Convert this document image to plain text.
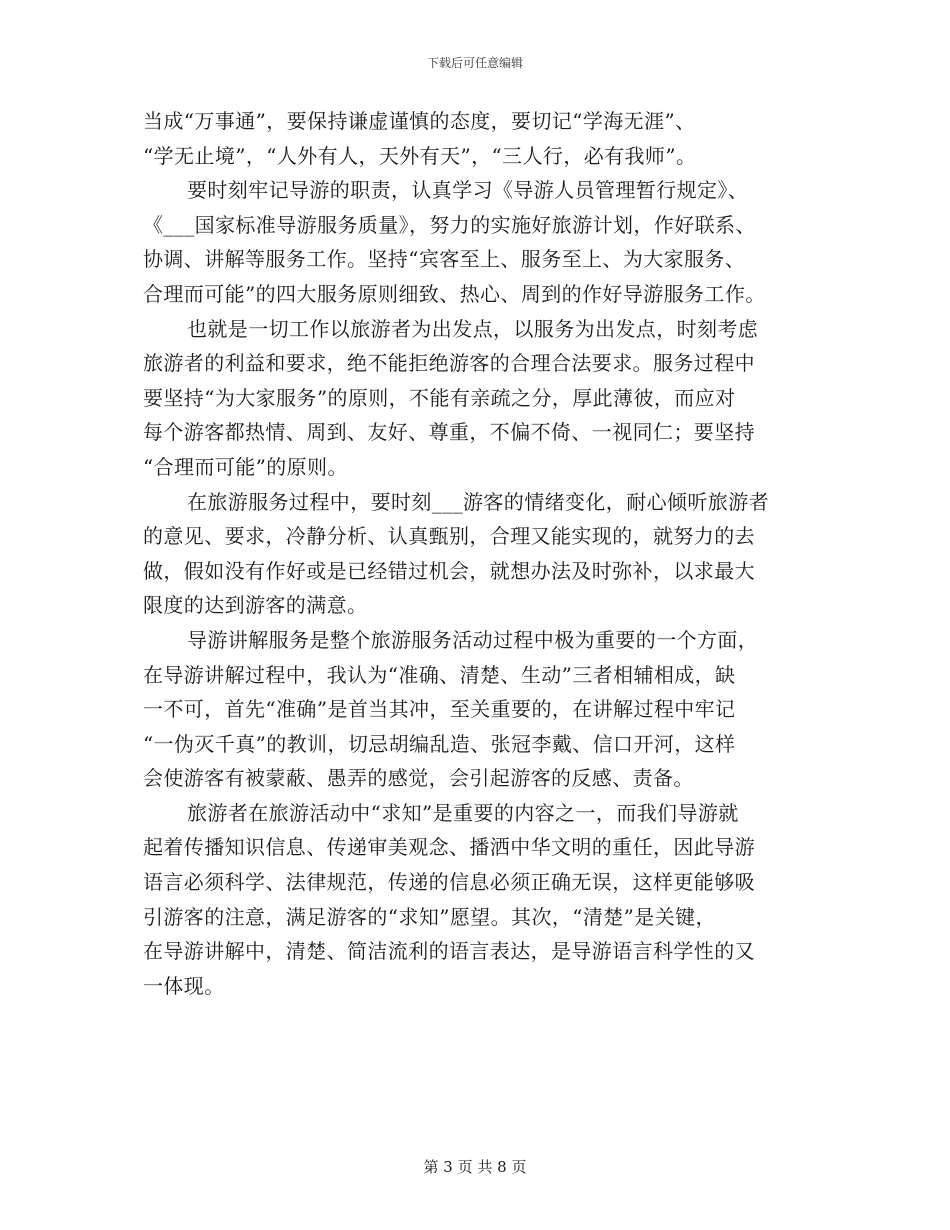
下载后可任意编辑
当成“万事通”，要保持谦虚谨慎的态度，要切记“学海无涯”、
“学无止境”，“人外有人，天外有天”，“三人行，必有我师”。
要时刻牢记导游的职责，认真学习《导游人员管理暂行规定》、
《___国家标准导游服务质量》，努力的实施好旅游计划，作好联系、
协调、讲解等服务工作。坚持“宾客至上、服务至上、为大家服务、
合理而可能”的四大服务原则细致、热心、周到的作好导游服务工作。
也就是一切工作以旅游者为出发点，以服务为出发点，时刻考虑
旅游者的利益和要求，绝不能拒绝游客的合理合法要求。服务过程中
要坚持“为大家服务”的原则，不能有亲疏之分，厚此薄彼，而应对
每个游客都热情、周到、友好、尊重，不偏不倚、一视同仁；要坚持
“合理而可能”的原则。
在旅游服务过程中，要时刻___游客的情绪变化，耐心倾听旅游者
的意见、要求，冷静分析、认真甄别，合理又能实现的，就努力的去
做，假如没有作好或是已经错过机会，就想办法及时弥补，以求最大
限度的达到游客的满意。
导游讲解服务是整个旅游服务活动过程中极为重要的一个方面，
在导游讲解过程中，我认为“准确、清楚、生动”三者相辅相成，缺
一不可，首先“准确”是首当其冲，至关重要的，在讲解过程中牢记
“一伪灭千真”的教训，切忌胡编乱造、张冠李戴、信口开河，这样
会使游客有被蒙蔽、愚弄的感觉，会引起游客的反感、责备。
旅游者在旅游活动中“求知”是重要的内容之一，而我们导游就
起着传播知识信息、传递审美观念、播洒中华文明的重任，因此导游
语言必须科学、法律规范，传递的信息必须正确无误，这样更能够吸
引游客的注意，满足游客的“求知”愿望。其次，“清楚”是关键，
在导游讲解中，清楚、简洁流利的语言表达，是导游语言科学性的又
一体现。
第 3 页 共 8 页
